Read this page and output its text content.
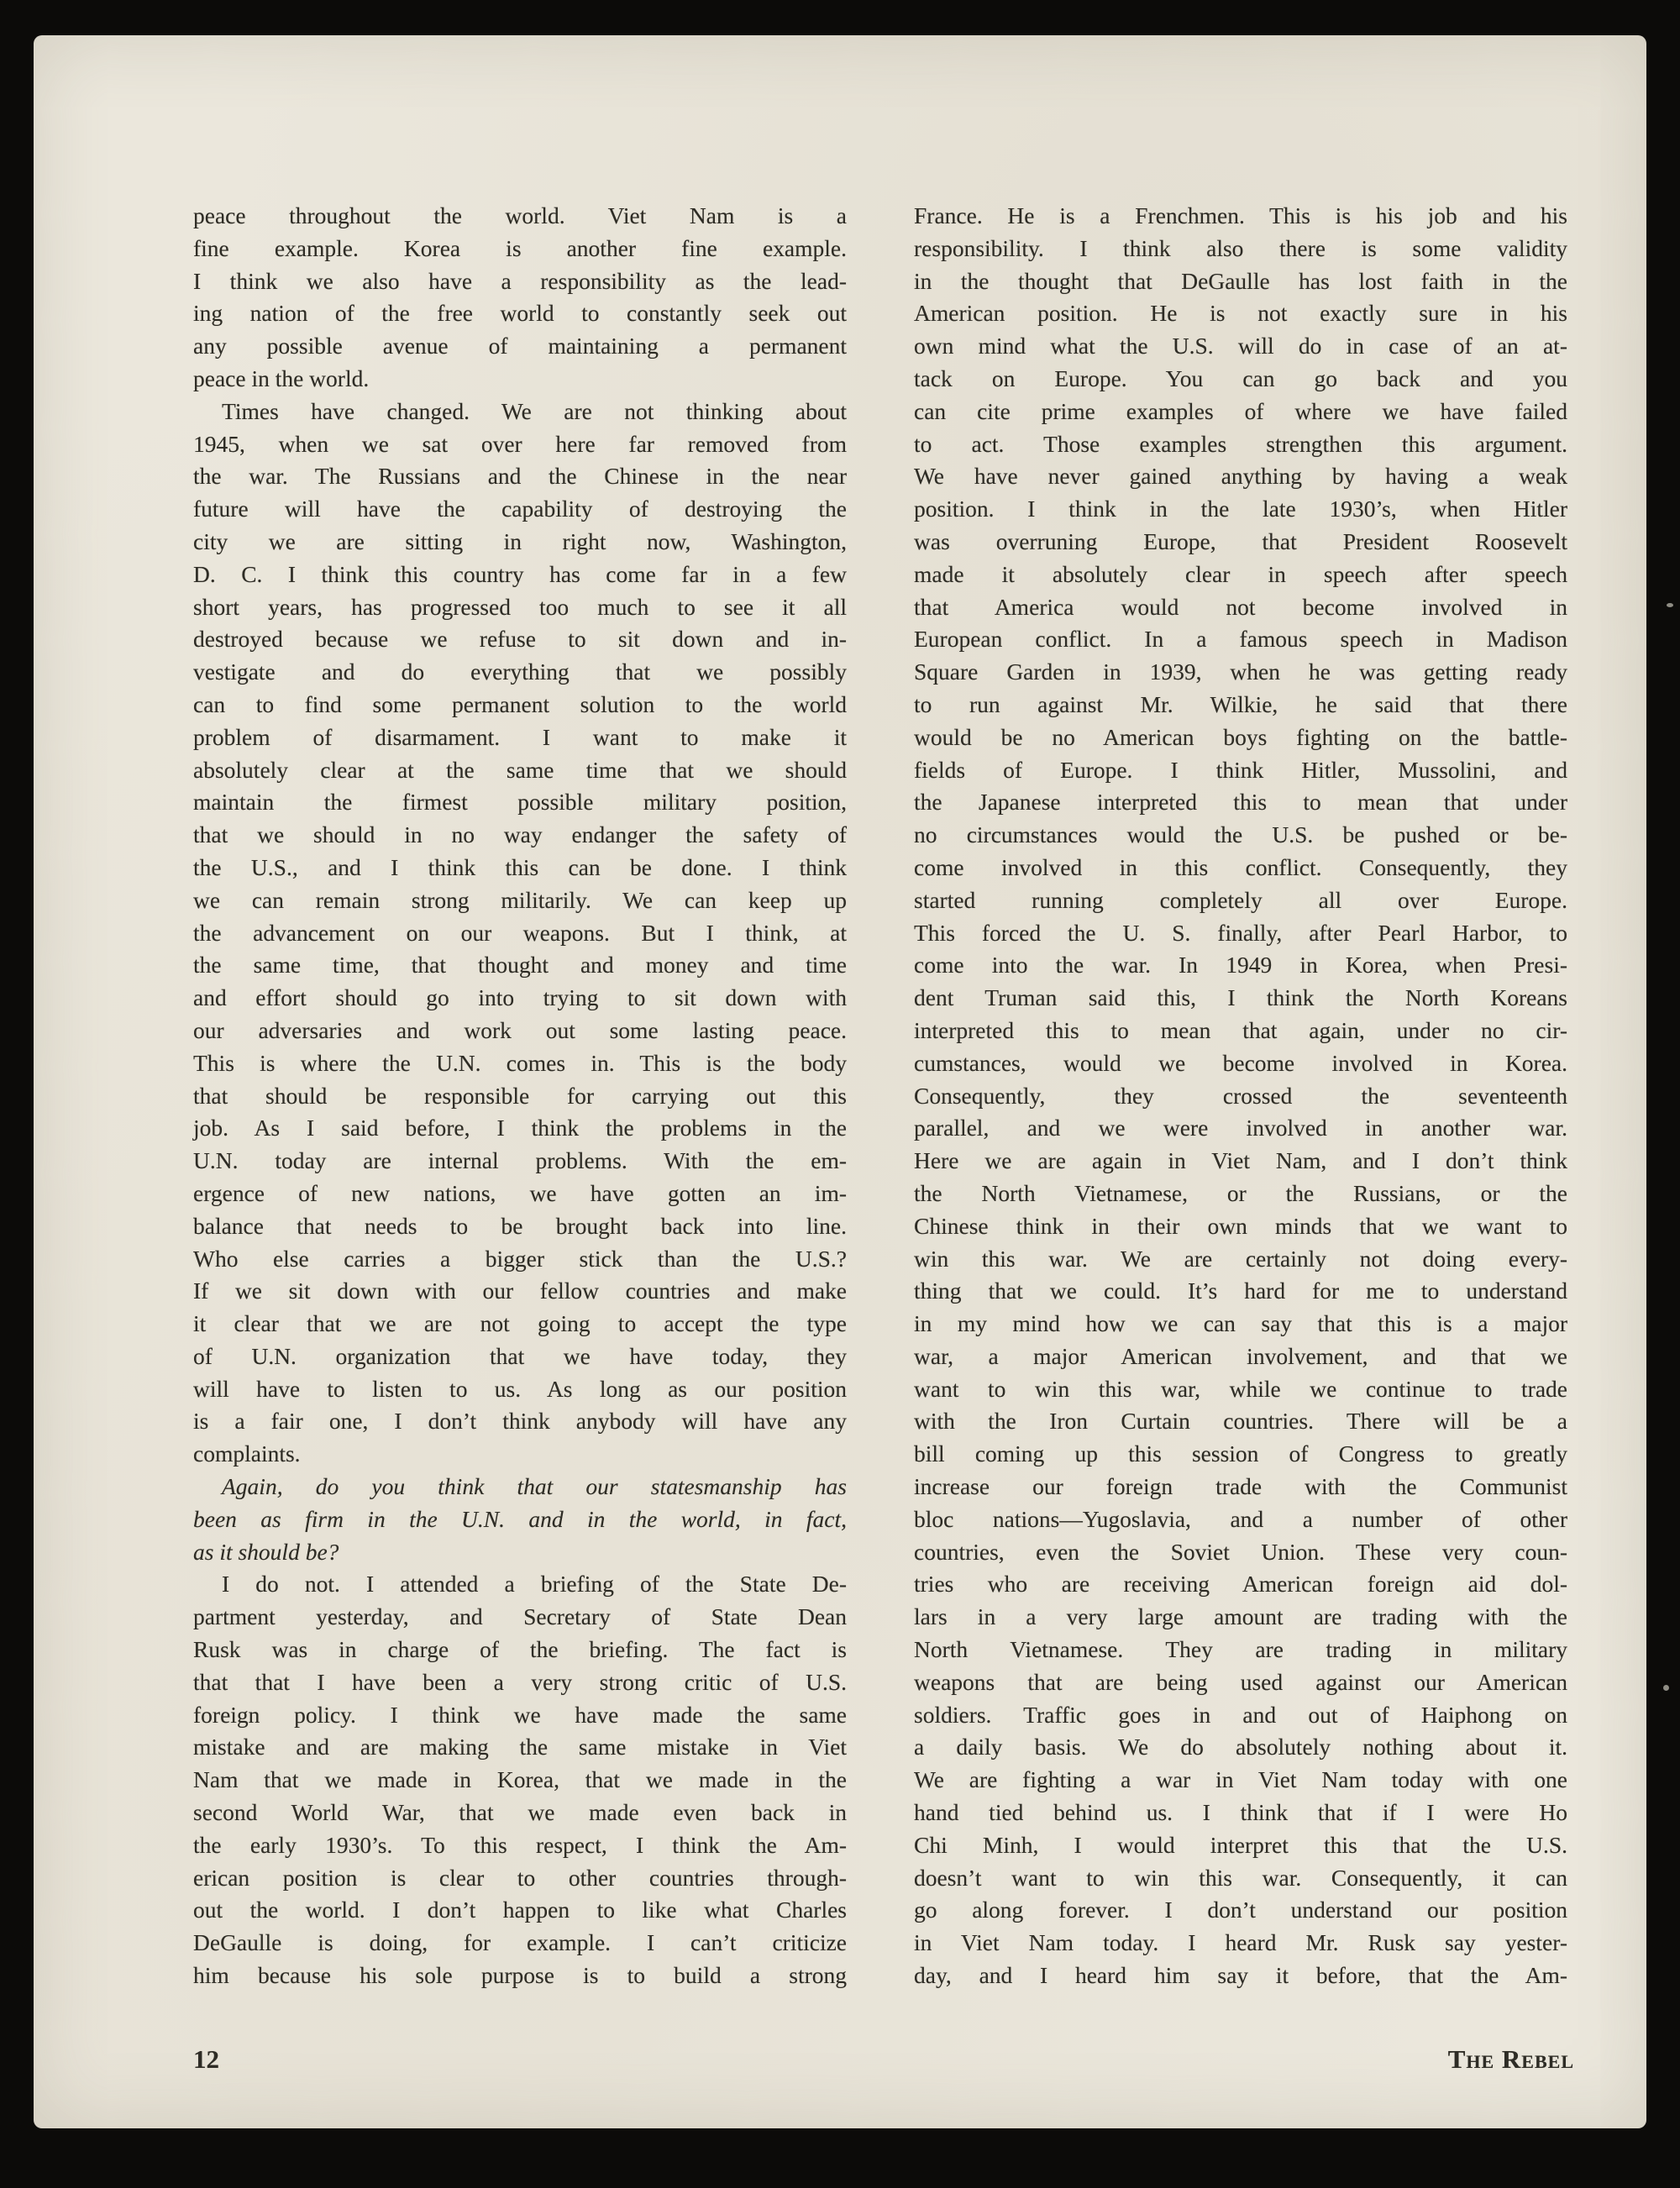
peace throughout the world. Viet Nam is a
fine example. Korea is another fine example.
I think we also have a responsibility as the lead-
ing nation of the free world to constantly seek out
any possible avenue of maintaining a permanent
peace in the world.
Times have changed. We are not thinking about
1945, when we sat over here far removed from
the war. The Russians and the Chinese in the near
future will have the capability of destroying the
city we are sitting in right now, Washington,
D. C. I think this country has come far in a few
short years, has progressed too much to see it all
destroyed because we refuse to sit down and in-
vestigate and do everything that we possibly
can to find some permanent solution to the world
problem of disarmament. I want to make it
absolutely clear at the same time that we should
maintain the firmest possible military position,
that we should in no way endanger the safety of
the U.S., and I think this can be done. I think
we can remain strong militarily. We can keep up
the advancement on our weapons. But I think, at
the same time, that thought and money and time
and effort should go into trying to sit down with
our adversaries and work out some lasting peace.
This is where the U.N. comes in. This is the body
that should be responsible for carrying out this
job. As I said before, I think the problems in the
U.N. today are internal problems. With the em-
ergence of new nations, we have gotten an im-
balance that needs to be brought back into line.
Who else carries a bigger stick than the U.S.?
If we sit down with our fellow countries and make
it clear that we are not going to accept the type
of U.N. organization that we have today, they
will have to listen to us. As long as our position
is a fair one, I don’t think anybody will have any
complaints.
Again, do you think that our statesmanship has
been as firm in the U.N. and in the world, in fact,
as it should be?
I do not. I attended a briefing of the State De-
partment yesterday, and Secretary of State Dean
Rusk was in charge of the briefing. The fact is
that that I have been a very strong critic of U.S.
foreign policy. I think we have made the same
mistake and are making the same mistake in Viet
Nam that we made in Korea, that we made in the
second World War, that we made even back in
the early 1930’s. To this respect, I think the Am-
erican position is clear to other countries through-
out the world. I don’t happen to like what Charles
DeGaulle is doing, for example. I can’t criticize
him because his sole purpose is to build a strong
France. He is a Frenchmen. This is his job and his
responsibility. I think also there is some validity
in the thought that DeGaulle has lost faith in the
American position. He is not exactly sure in his
own mind what the U.S. will do in case of an at-
tack on Europe. You can go back and you
can cite prime examples of where we have failed
to act. Those examples strengthen this argument.
We have never gained anything by having a weak
position. I think in the late 1930’s, when Hitler
was overruning Europe, that President Roosevelt
made it absolutely clear in speech after speech
that America would not become involved in
European conflict. In a famous speech in Madison
Square Garden in 1939, when he was getting ready
to run against Mr. Wilkie, he said that there
would be no American boys fighting on the battle-
fields of Europe. I think Hitler, Mussolini, and
the Japanese interpreted this to mean that under
no circumstances would the U.S. be pushed or be-
come involved in this conflict. Consequently, they
started running completely all over Europe.
This forced the U. S. finally, after Pearl Harbor, to
come into the war. In 1949 in Korea, when Presi-
dent Truman said this, I think the North Koreans
interpreted this to mean that again, under no cir-
cumstances, would we become involved in Korea.
Consequently, they crossed the seventeenth
parallel, and we were involved in another war.
Here we are again in Viet Nam, and I don’t think
the North Vietnamese, or the Russians, or the
Chinese think in their own minds that we want to
win this war. We are certainly not doing every-
thing that we could. It’s hard for me to understand
in my mind how we can say that this is a major
war, a major American involvement, and that we
want to win this war, while we continue to trade
with the Iron Curtain countries. There will be a
bill coming up this session of Congress to greatly
increase our foreign trade with the Communist
bloc nations—Yugoslavia, and a number of other
countries, even the Soviet Union. These very coun-
tries who are receiving American foreign aid dol-
lars in a very large amount are trading with the
North Vietnamese. They are trading in military
weapons that are being used against our American
soldiers. Traffic goes in and out of Haiphong on
a daily basis. We do absolutely nothing about it.
We are fighting a war in Viet Nam today with one
hand tied behind us. I think that if I were Ho
Chi Minh, I would interpret this that the U.S.
doesn’t want to win this war. Consequently, it can
go along forever. I don’t understand our position
in Viet Nam today. I heard Mr. Rusk say yester-
day, and I heard him say it before, that the Am-
12	The Rebel
